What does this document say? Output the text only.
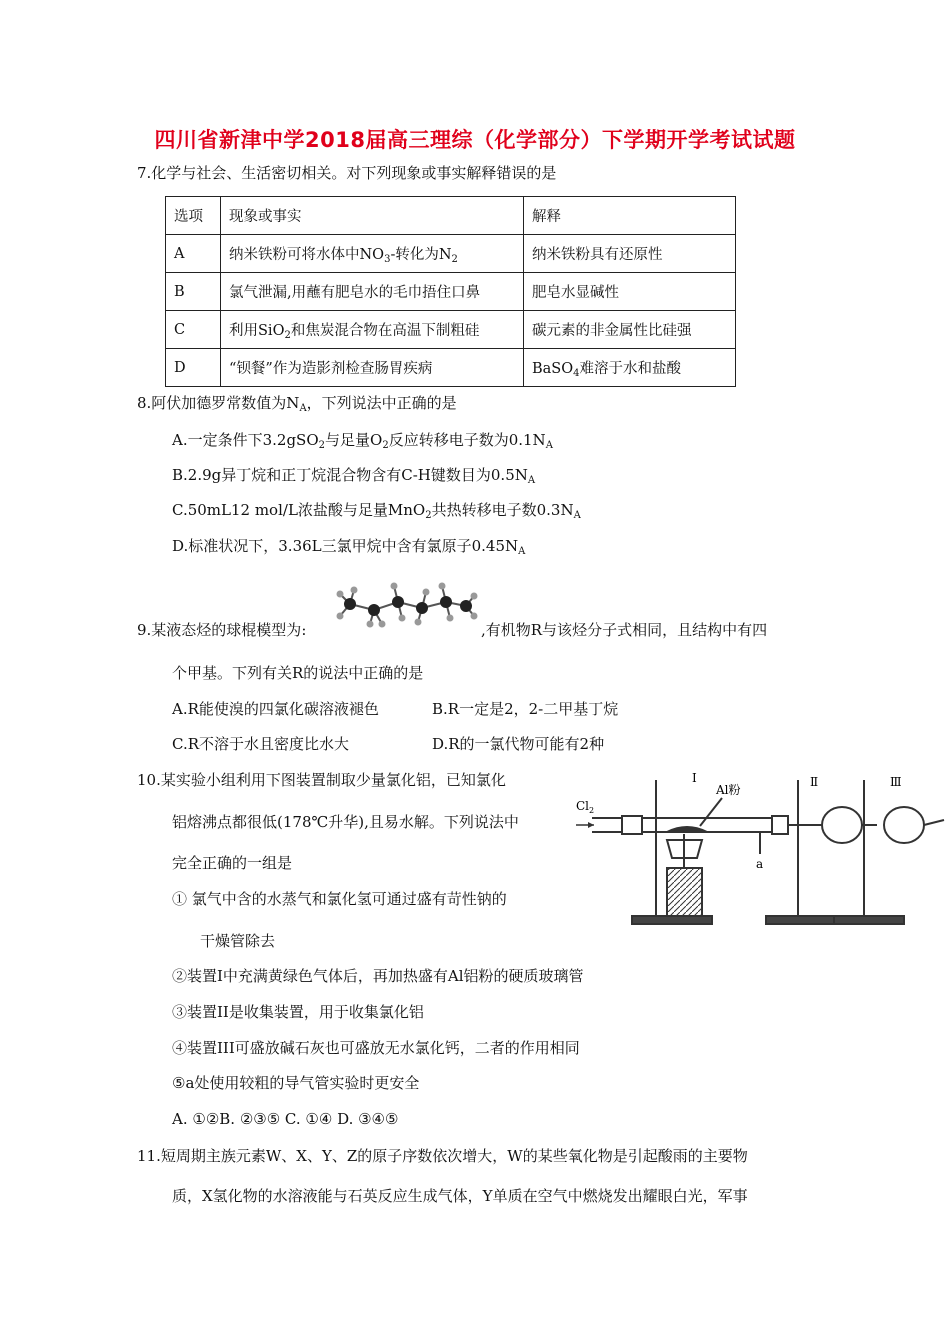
四川省新津中学2018届高三理综（化学部分）下学期开学考试试题
7.化学与社会、生活密切相关。对下列现象或事实解释错误的是
选项	现象或事实	解释
A	纳米铁粉可将水体中$NO_3-$转化为$N_2$	纳米铁粉具有还原性
B	氯气泄漏,用蘸有肥皂水的毛巾捂住口鼻	肥皂水显碱性
C	利用SiO$_2$和焦炭混合物在高温下制粗硅	碳元素的非金属性比硅强
D	“钡餐”作为造影剂检查肠胃疾病	BaSO$_4$难溶于水和盐酸
8.阿伏加德罗常数值为$N_A$，下列说法中正确的是
A.一定条件下3.2gSO$_2$与足量$O_2$反应转移电子数为$0.1N_A$
B.2.9g异丁烷和正丁烷混合物含有C-H键数目为$0.5N_A$
C.50mL12 mol/L浓盐酸与足量MnO$_2$共热转移电子数$0.3N_A$
D.标准状况下，3.36L三氯甲烷中含有氯原子$0.45N_A$
9.某液态烃的球棍模型为:	,有机物R与该烃分子式相同，且结构中有四
个甲基。下列有关R的说法中正确的是
A.R能使溴的四氯化碳溶液褪色	B.R一定是2，2-二甲基丁烷
C.R不溶于水且密度比水大	D.R的一氯代物可能有2种
10.某实验小组利用下图装置制取少量氯化铝，已知氯化
铝熔沸点都很低(178℃升华),且易水解。下列说法中
完全正确的一组是
$Cl_2$
Al粉
I	Ⅱ	Ⅲ
a
① 氯气中含的水蒸气和氯化氢可通过盛有苛性钠的
干燥管除去
②装置I中充满黄绿色气体后，再加热盛有Al铝粉的硬质玻璃管
③装置II是收集装置，用于收集氯化铝
④装置III可盛放碱石灰也可盛放无水氯化钙，二者的作用相同
⑤a处使用较粗的导气管实验时更安全
A. ①②B. ②③⑤ C. ①④ D. ③④⑤
11.短周期主族元素W、X、Y、Z的原子序数依次增大，W的某些氧化物是引起酸雨的主要物
质，X氢化物的水溶液能与石英反应生成气体，Y单质在空气中燃烧发出耀眼白光，军事
